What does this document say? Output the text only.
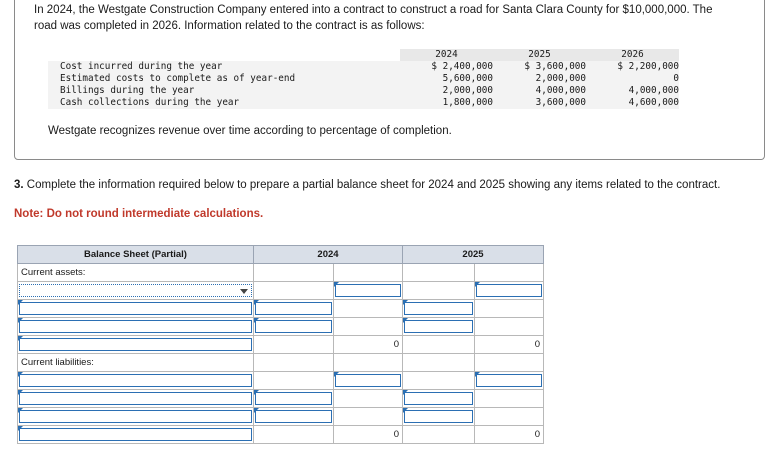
In 2024, the Westgate Construction Company entered into a contract to construct a road for Santa Clara County for $10,000,000. The road was completed in 2026. Information related to the contract is as follows:

	2024	2025	2026
Cost incurred during the year	$ 2,400,000	$ 3,600,000	$ 2,200,000
Estimated costs to complete as of year-end	5,600,000	2,000,000	0
Billings during the year	2,000,000	4,000,000	4,000,000
Cash collections during the year	1,800,000	3,600,000	4,600,000

Westgate recognizes revenue over time according to percentage of completion.

3. Complete the information required below to prepare a partial balance sheet for 2024 and 2025 showing any items related to the contract.

Note: Do not round intermediate calculations.

Balance Sheet (Partial)	2024		2025	
Current assets:				

		0		0
Current liabilities:				

		0		0
